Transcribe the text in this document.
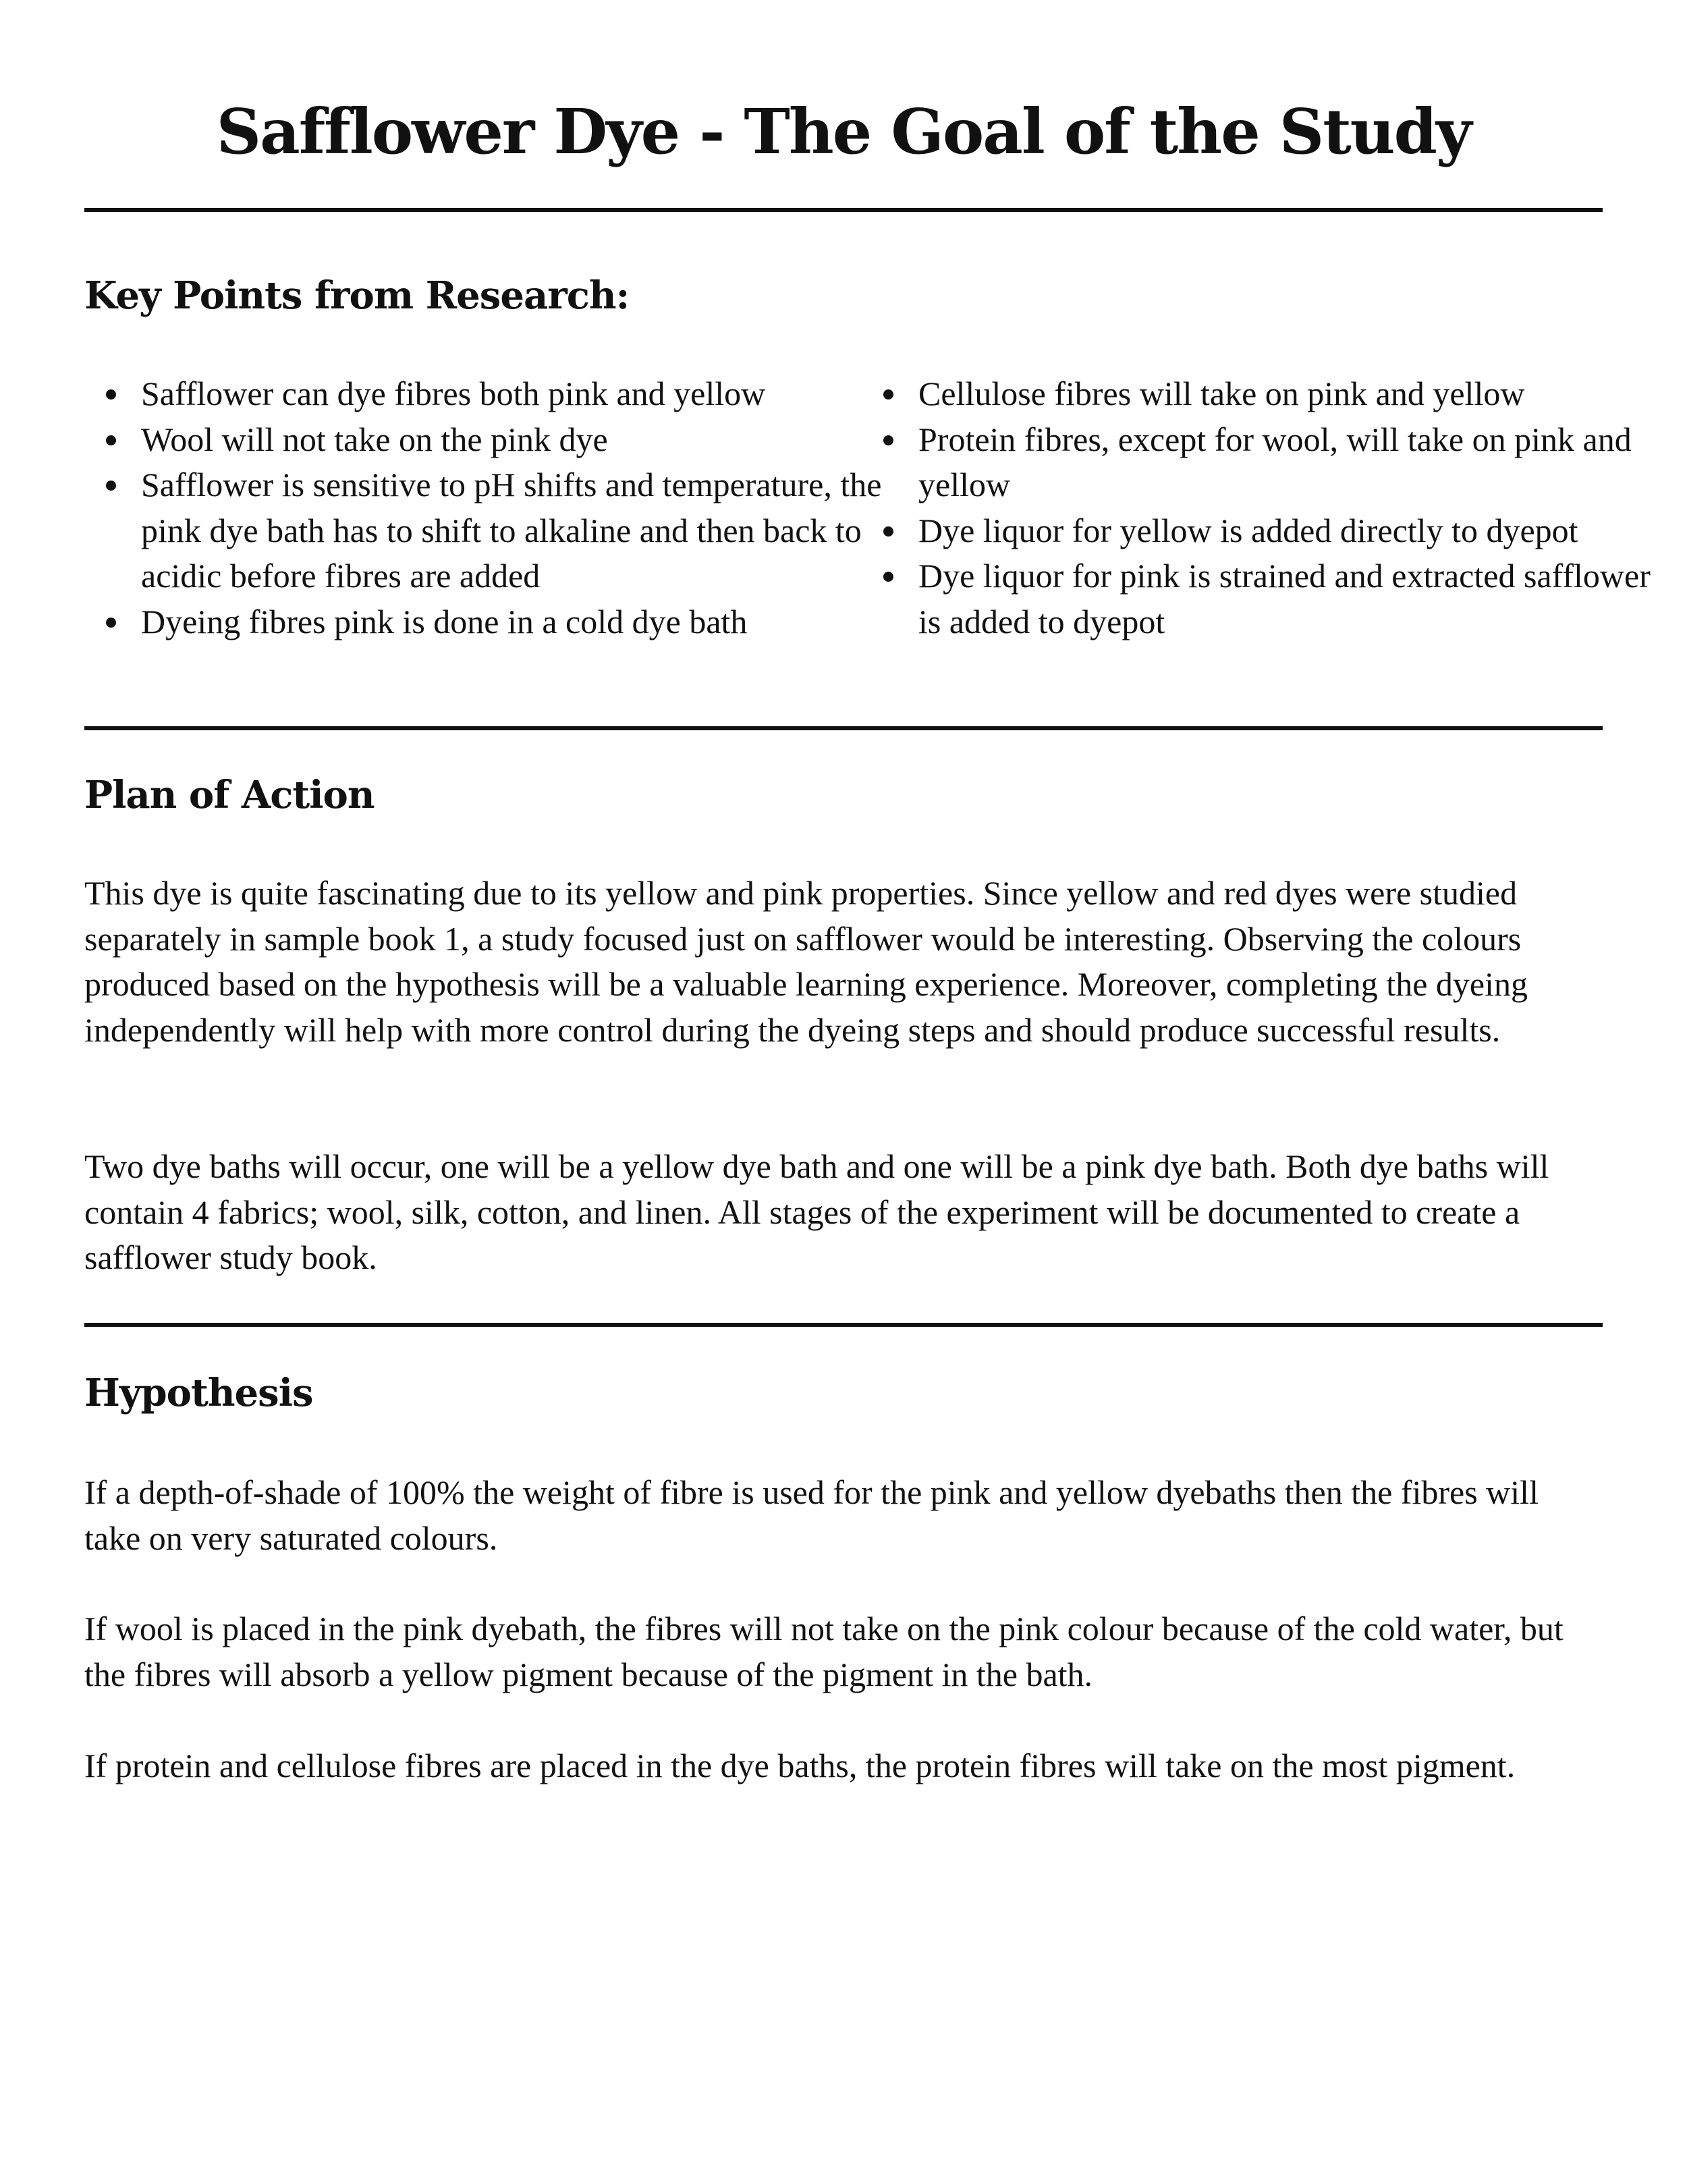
Safflower Dye - The Goal of the Study
Key Points from Research:
Safflower can dye fibres both pink and yellow
Wool will not take on the pink dye
Safflower is sensitive to pH shifts and temperature, the pink dye bath has to shift to alkaline and then back to acidic before fibres are added
Dyeing fibres pink is done in a cold dye bath
Cellulose fibres will take on pink and yellow
Protein fibres, except for wool, will take on pink and yellow
Dye liquor for yellow is added directly to dyepot
Dye liquor for pink is strained and extracted safflower is added to dyepot
Plan of Action

This dye is quite fascinating due to its yellow and pink properties. Since yellow and red dyes were studied separately in sample book 1, a study focused just on safflower would be interesting. Observing the colours produced based on the hypothesis will be a valuable learning experience. Moreover, completing the dyeing independently will help with more control during the dyeing steps and should produce successful results.

Two dye baths will occur, one will be a yellow dye bath and one will be a pink dye bath. Both dye baths will contain 4 fabrics; wool, silk, cotton, and linen. All stages of the experiment will be documented to create a safflower study book.

Hypothesis

If a depth-of-shade of 100% the weight of fibre is used for the pink and yellow dyebaths then the fibres will take on very saturated colours.

If wool is placed in the pink dyebath, the fibres will not take on the pink colour because of the cold water, but the fibres will absorb a yellow pigment because of the pigment in the bath.

If protein and cellulose fibres are placed in the dye baths, the protein fibres will take on the most pigment.
